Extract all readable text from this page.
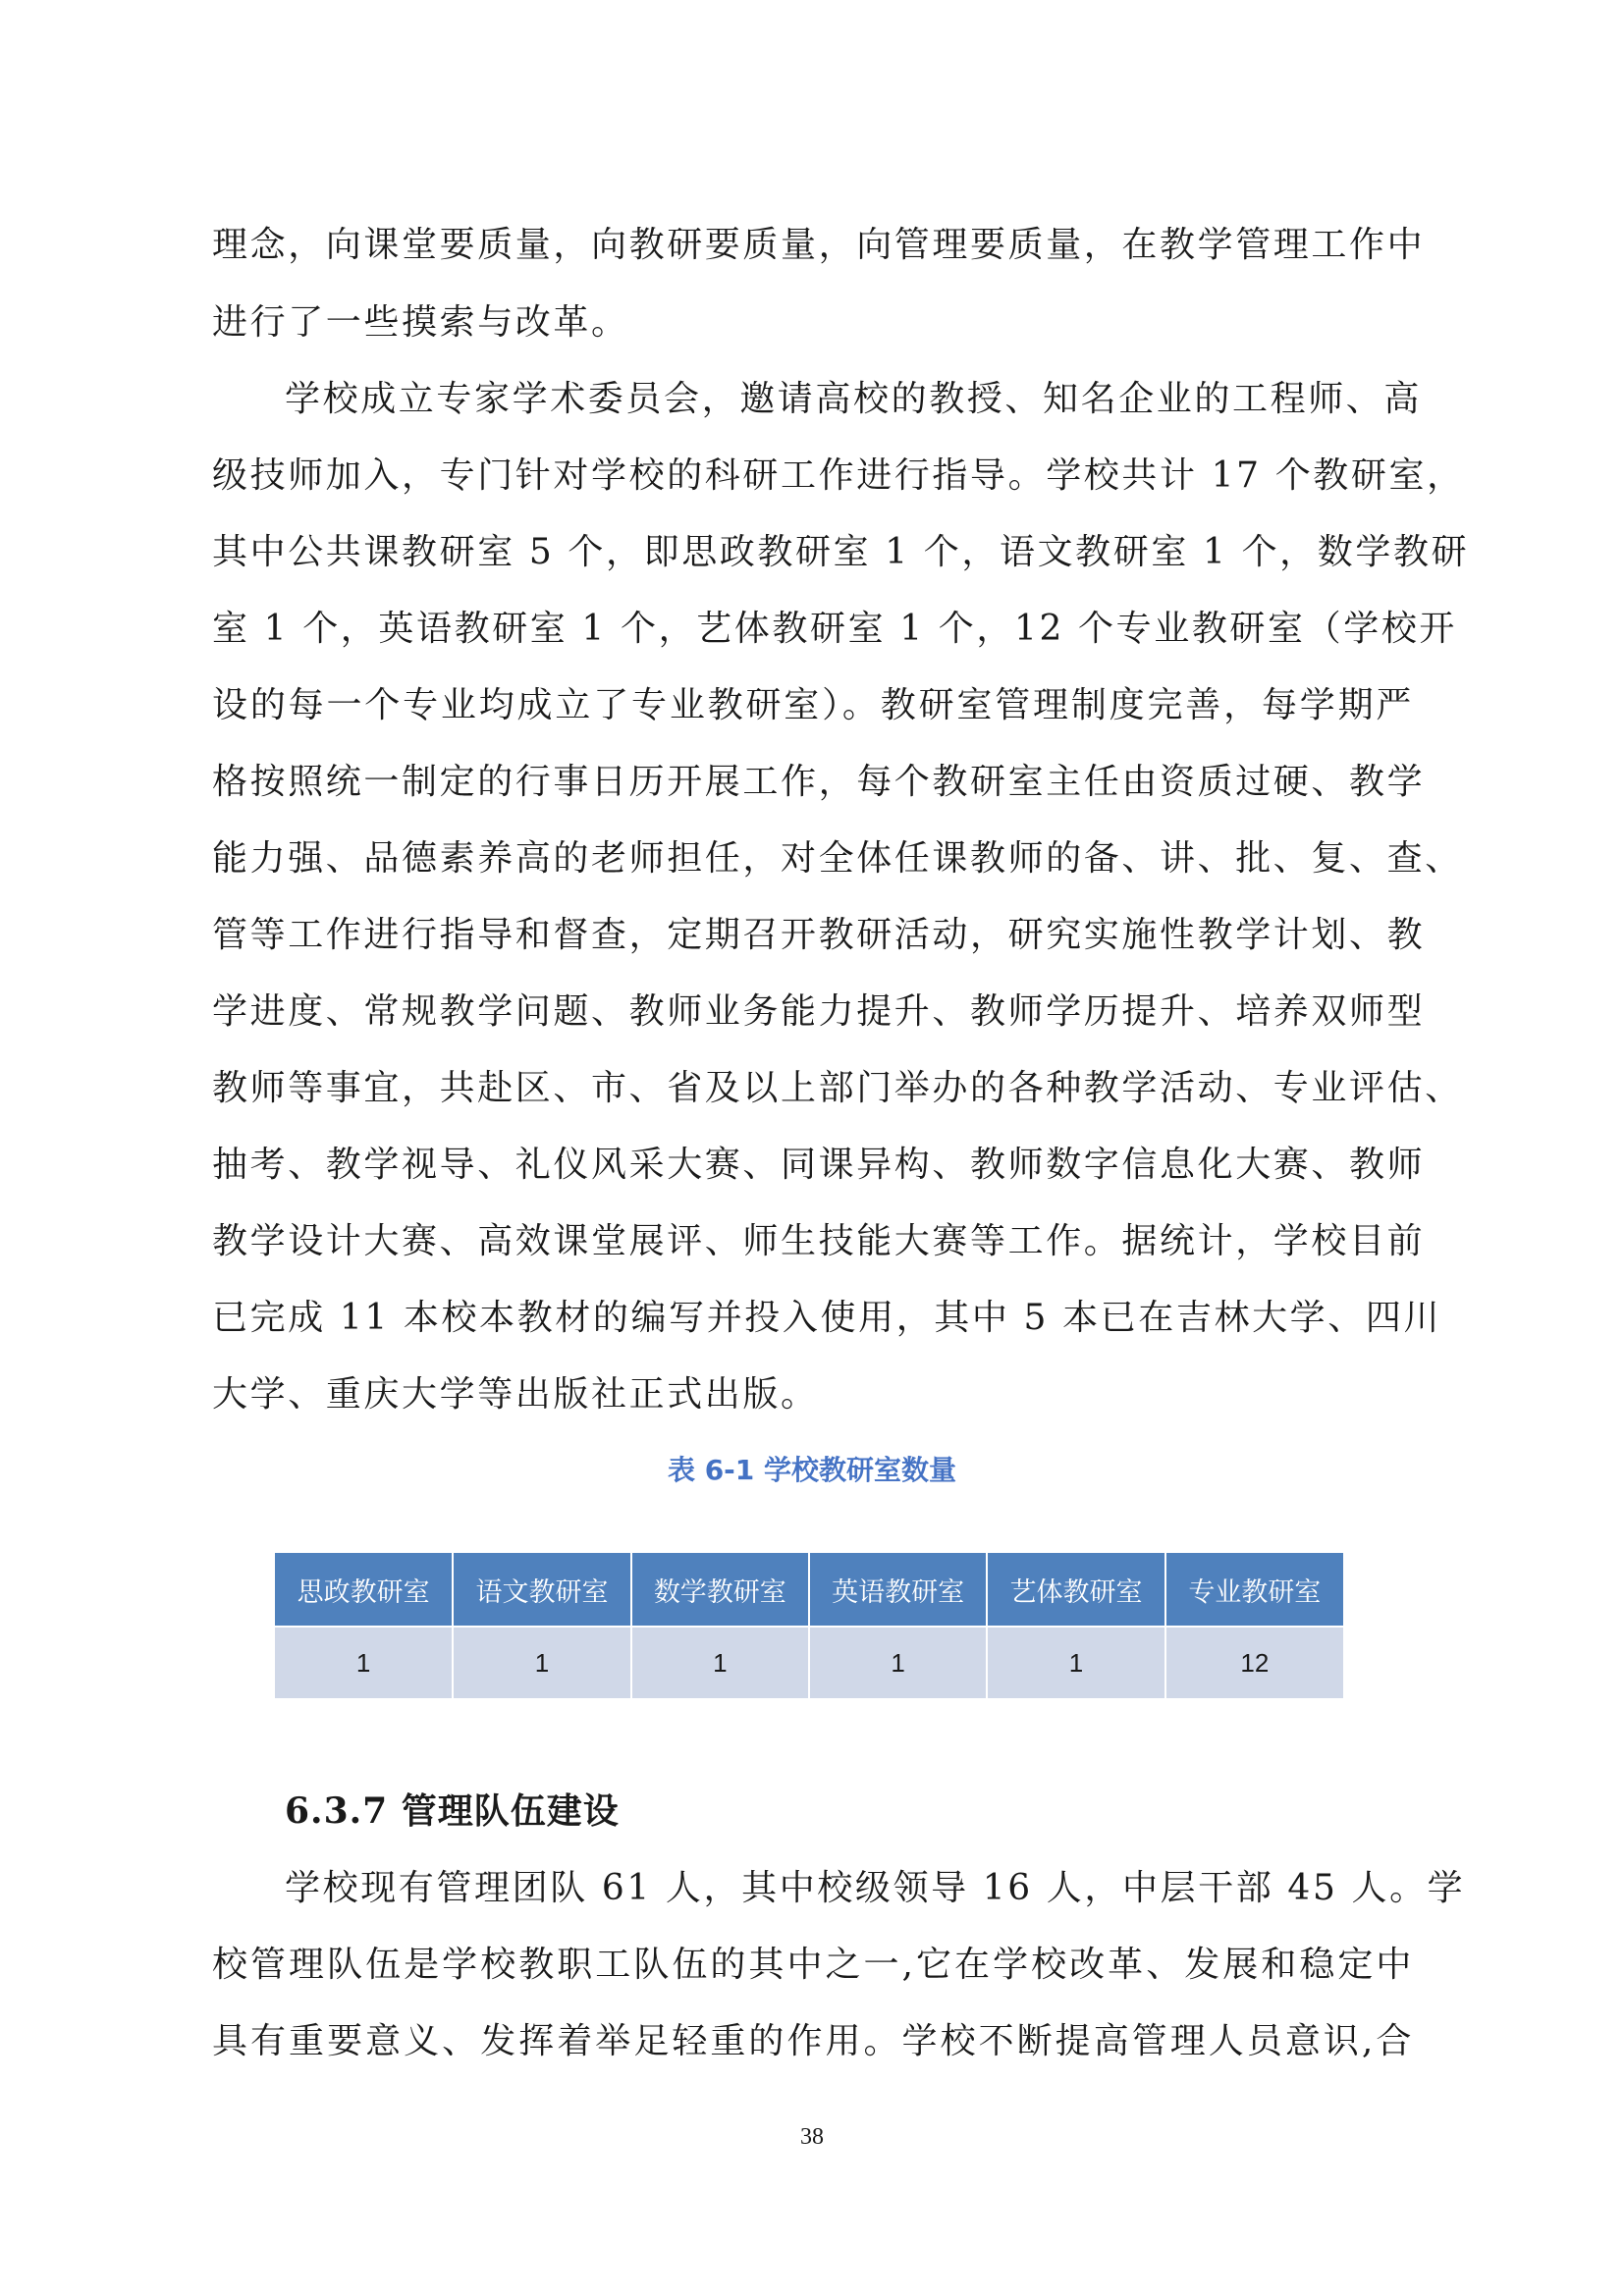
理念，向课堂要质量，向教研要质量，向管理要质量，在教学管理工作中
进行了一些摸索与改革。
学校成立专家学术委员会，邀请高校的教授、知名企业的工程师、高
级技师加入，专门针对学校的科研工作进行指导。学校共计 17 个教研室，
其中公共课教研室 5 个，即思政教研室 1 个，语文教研室 1 个，数学教研
室 1 个，英语教研室 1 个，艺体教研室 1 个，12 个专业教研室（学校开
设的每一个专业均成立了专业教研室）。教研室管理制度完善，每学期严
格按照统一制定的行事日历开展工作，每个教研室主任由资质过硬、教学
能力强、品德素养高的老师担任，对全体任课教师的备、讲、批、复、查、
管等工作进行指导和督查，定期召开教研活动，研究实施性教学计划、教
学进度、常规教学问题、教师业务能力提升、教师学历提升、培养双师型
教师等事宜，共赴区、市、省及以上部门举办的各种教学活动、专业评估、
抽考、教学视导、礼仪风采大赛、同课异构、教师数字信息化大赛、教师
教学设计大赛、高效课堂展评、师生技能大赛等工作。据统计，学校目前
已完成 11 本校本教材的编写并投入使用，其中 5 本已在吉林大学、四川
大学、重庆大学等出版社正式出版。
表 6-1 学校教研室数量
思政教研室	语文教研室	数学教研室	英语教研室	艺体教研室	专业教研室
1	1	1	1	1	12
6.3.7 管理队伍建设
学校现有管理团队 61 人，其中校级领导 16 人，中层干部 45 人。学
校管理队伍是学校教职工队伍的其中之一,它在学校改革、发展和稳定中
具有重要意义、发挥着举足轻重的作用。学校不断提高管理人员意识,合
38
